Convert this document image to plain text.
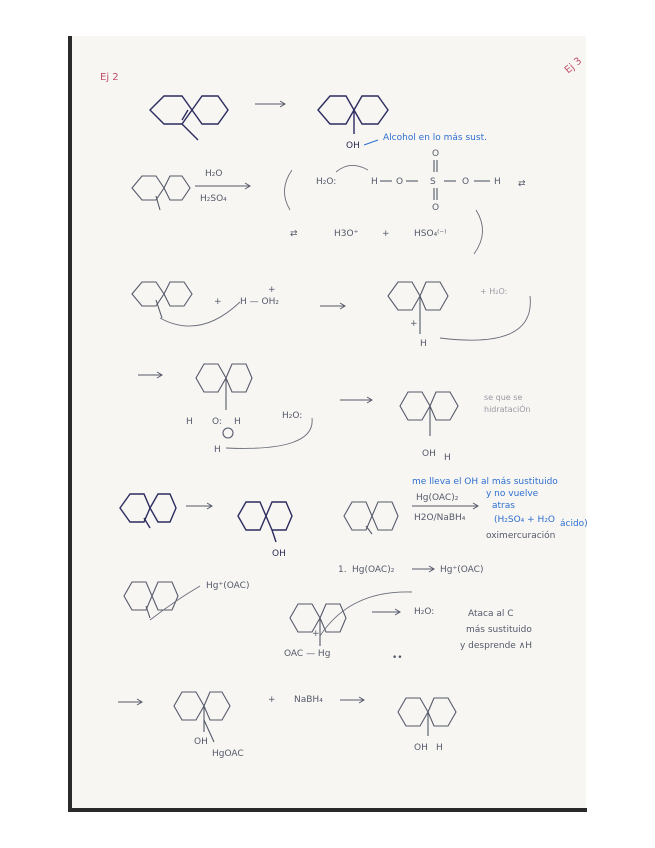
Ej 2
Ej 3
OH
Alcohol en lo más sust.
H₂O
H₂SO₄
H₂O:	H O	S
O
O
O	H ⇄
⇄	H3O⁺	+	HSO₄⁽⁻⁾
+ H — OH₂
+
+
H
+ H₂O:
H O: H
H
H₂O:
OH H
se que se
hidrataciÓn
OH
me lleva el OH al más sustituido
Hg(OAC)₂	y no vuelve
atras
H2O/NaBH₄	(H₂SO₄ + H₂O ácido)
oximercuración
Hg⁺(OAC)
1. Hg(OAC)₂	Hg⁺(OAC)
+
OAC — Hg
H₂O:	Ataca al C
más sustituido
y desprende ∧H
••
OH
HgOAC
+ NaBH₄
OH H
